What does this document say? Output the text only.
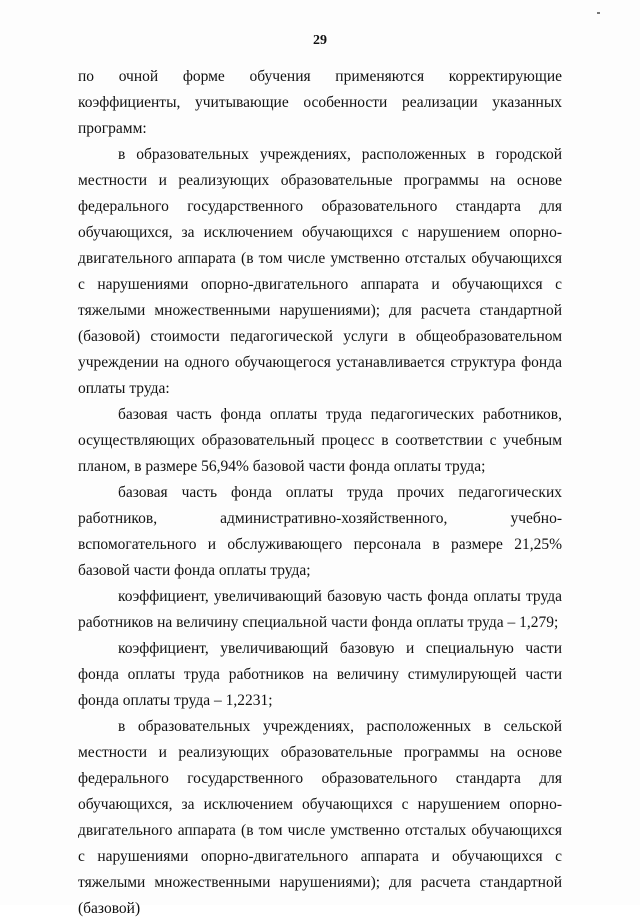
29

по очной форме обучения применяются корректирующие коэффициенты, учитывающие особенности реализации указанных программ:

в образовательных учреждениях, расположенных в городской местности и реализующих образовательные программы на основе федерального государственного образовательного стандарта для обучающихся, за исключением обучающихся с нарушением опорно-двигательного аппарата (в том числе умственно отсталых обучающихся с нарушениями опорно-двигательного аппарата и обучающихся с тяжелыми множественными нарушениями); для расчета стандартной (базовой) стоимости педагогической услуги в общеобразовательном учреждении на одного обучающегося устанавливается структура фонда оплаты труда:

базовая часть фонда оплаты труда педагогических работников, осуществляющих образовательный процесс в соответствии с учебным планом, в размере 56,94% базовой части фонда оплаты труда;

базовая часть фонда оплаты труда прочих педагогических работников, административно-хозяйственного, учебно-вспомогательного и обслуживающего персонала в размере 21,25% базовой части фонда оплаты труда;

коэффициент, увеличивающий базовую часть фонда оплаты труда работников на величину специальной части фонда оплаты труда – 1,279;

коэффициент, увеличивающий базовую и специальную части фонда оплаты труда работников на величину стимулирующей части фонда оплаты труда – 1,2231;

в образовательных учреждениях, расположенных в сельской местности и реализующих образовательные программы на основе федерального государственного образовательного стандарта для обучающихся, за исключением обучающихся с нарушением опорно-двигательного аппарата (в том числе умственно отсталых обучающихся с нарушениями опорно-двигательного аппарата и обучающихся с тяжелыми множественными нарушениями); для расчета стандартной (базовой)
